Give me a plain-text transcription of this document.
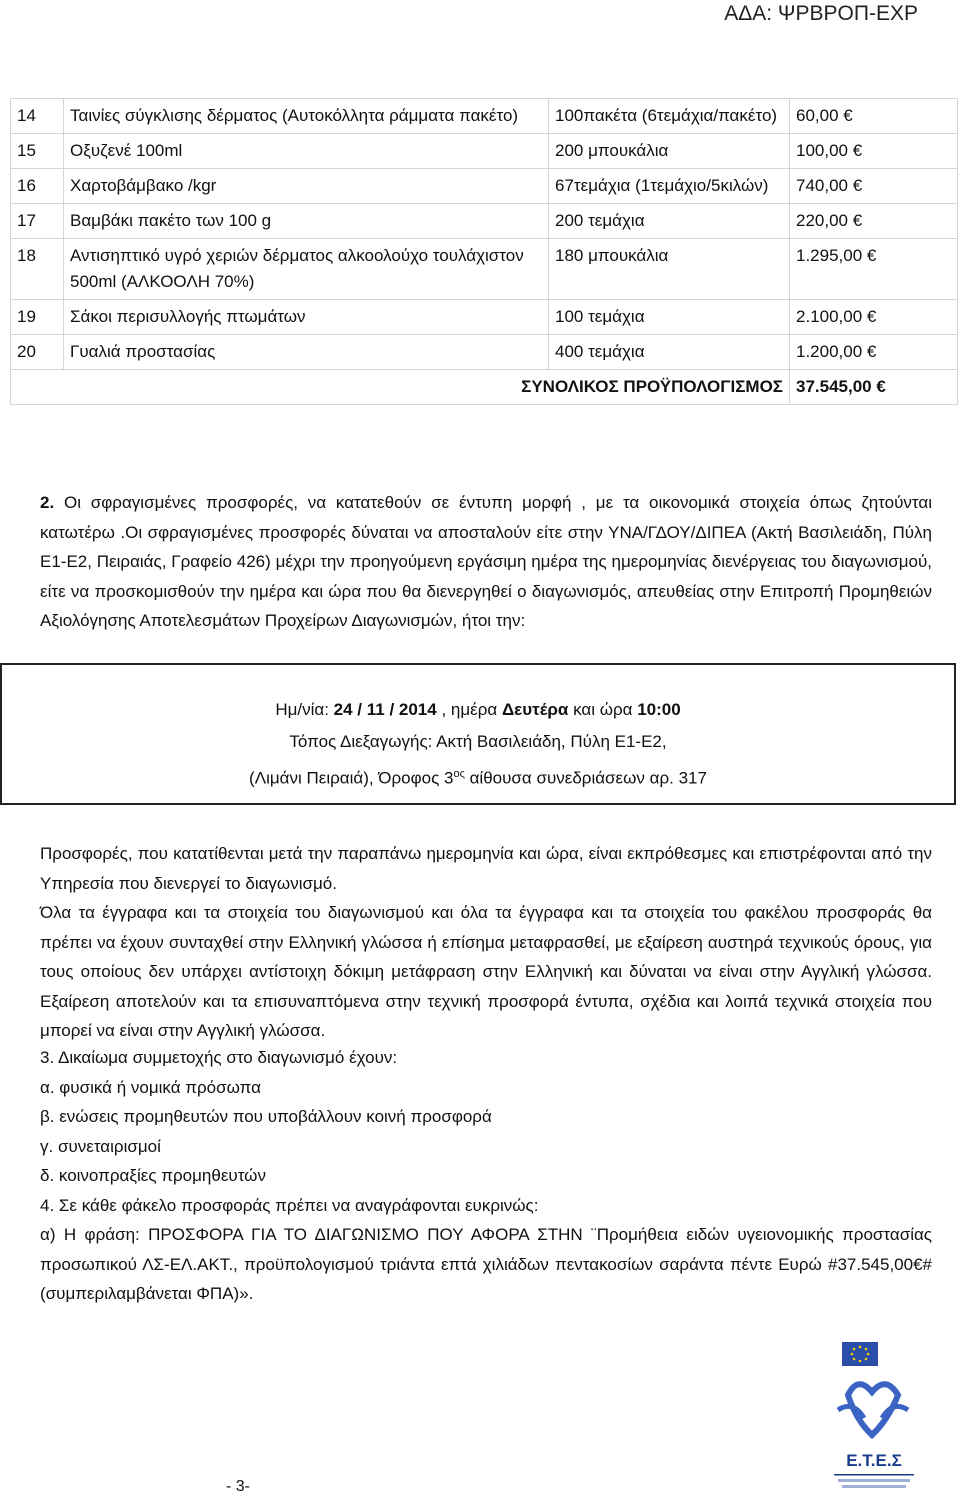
ΑΔΑ: ΨΡΒΡΟΠ-ΕΧΡ
14	Ταινίες σύγκλισης δέρματος (Αυτοκόλλητα ράμματα πακέτο)	100πακέτα (6τεμάχια/πακέτο)	60,00 €
15	Οξυζενέ 100ml	200 μπουκάλια	100,00 €
16	Χαρτοβάμβακο /kgr	67τεμάχια (1τεμάχιο/5κιλών)	740,00 €
17	Βαμβάκι πακέτο των 100 g	200 τεμάχια	220,00 €
18	Αντισηπτικό υγρό χεριών δέρματος αλκοολούχο τουλάχιστον 500ml (ΑΛΚΟΟΛΗ 70%)	180 μπουκάλια	1.295,00 €
19	Σάκοι περισυλλογής πτωμάτων	100 τεμάχια	2.100,00 €
20	Γυαλιά προστασίας	400 τεμάχια	1.200,00 €
ΣΥΝΟΛΙΚΟΣ ΠΡΟΫΠΟΛΟΓΙΣΜΟΣ			37.545,00 €
2. Οι σφραγισμένες προσφορές, να κατατεθούν σε έντυπη μορφή , με τα οικονομικά στοιχεία όπως ζητούνται κατωτέρω .Οι σφραγισμένες προσφορές δύναται να αποσταλούν είτε στην ΥΝΑ/ΓΔΟΥ/ΔΙΠΕΑ (Ακτή Βασιλειάδη, Πύλη Ε1-Ε2, Πειραιάς, Γραφείο 426) μέχρι την προηγούμενη εργάσιμη ημέρα της ημερομηνίας διενέργειας του διαγωνισμού, είτε να προσκομισθούν την ημέρα και ώρα που θα διενεργηθεί ο διαγωνισμός, απευθείας στην Επιτροπή Προμηθειών Αξιολόγησης Αποτελεσμάτων Προχείρων Διαγωνισμών, ήτοι την:
Ημ/νία: 24 / 11 / 2014 , ημέρα Δευτέρα και ώρα 10:00
Τόπος Διεξαγωγής: Ακτή Βασιλειάδη, Πύλη Ε1-Ε2,
(Λιμάνι Πειραιά), Όροφος $3^{o\varsigma}$ αίθουσα συνεδριάσεων αρ. 317
Προσφορές, που κατατίθενται μετά την παραπάνω ημερομηνία και ώρα, είναι εκπρόθεσμες και επιστρέφονται από την Υπηρεσία που διενεργεί το διαγωνισμό.
Όλα τα έγγραφα και τα στοιχεία του διαγωνισμού και όλα τα έγγραφα και τα στοιχεία του φακέλου προσφοράς θα πρέπει να έχουν συνταχθεί στην Ελληνική γλώσσα ή επίσημα μεταφρασθεί, με εξαίρεση αυστηρά τεχνικούς όρους, για τους οποίους δεν υπάρχει αντίστοιχη δόκιμη μετάφραση στην Ελληνική και δύναται να είναι στην Αγγλική γλώσσα. Εξαίρεση αποτελούν και τα επισυναπτόμενα στην τεχνική προσφορά έντυπα, σχέδια και λοιπά τεχνικά στοιχεία που μπορεί να είναι στην Αγγλική γλώσσα.
3. Δικαίωμα συμμετοχής στο διαγωνισμό έχουν:
α. φυσικά ή νομικά πρόσωπα
β. ενώσεις προμηθευτών που υποβάλλουν κοινή προσφορά
γ. συνεταιρισμοί
δ. κοινοπραξίες προμηθευτών
4. Σε κάθε φάκελο προσφοράς πρέπει να αναγράφονται ευκρινώς:
α) Η φράση: ΠΡΟΣΦΟΡΑ ΓΙΑ ΤΟ ΔΙΑΓΩΝΙΣΜΟ ΠΟΥ ΑΦΟΡΑ ΣΤΗΝ ¨Προμήθεια ειδών υγειονομικής προστασίας προσωπικού ΛΣ-ΕΛ.ΑΚΤ., προϋπολογισμού τριάντα επτά χιλιάδων πεντακοσίων σαράντα πέντε Ευρώ #37.545,00€# (συμπεριλαμβάνεται ΦΠΑ)».
Ε.Τ.Ε.Σ
- 3-
